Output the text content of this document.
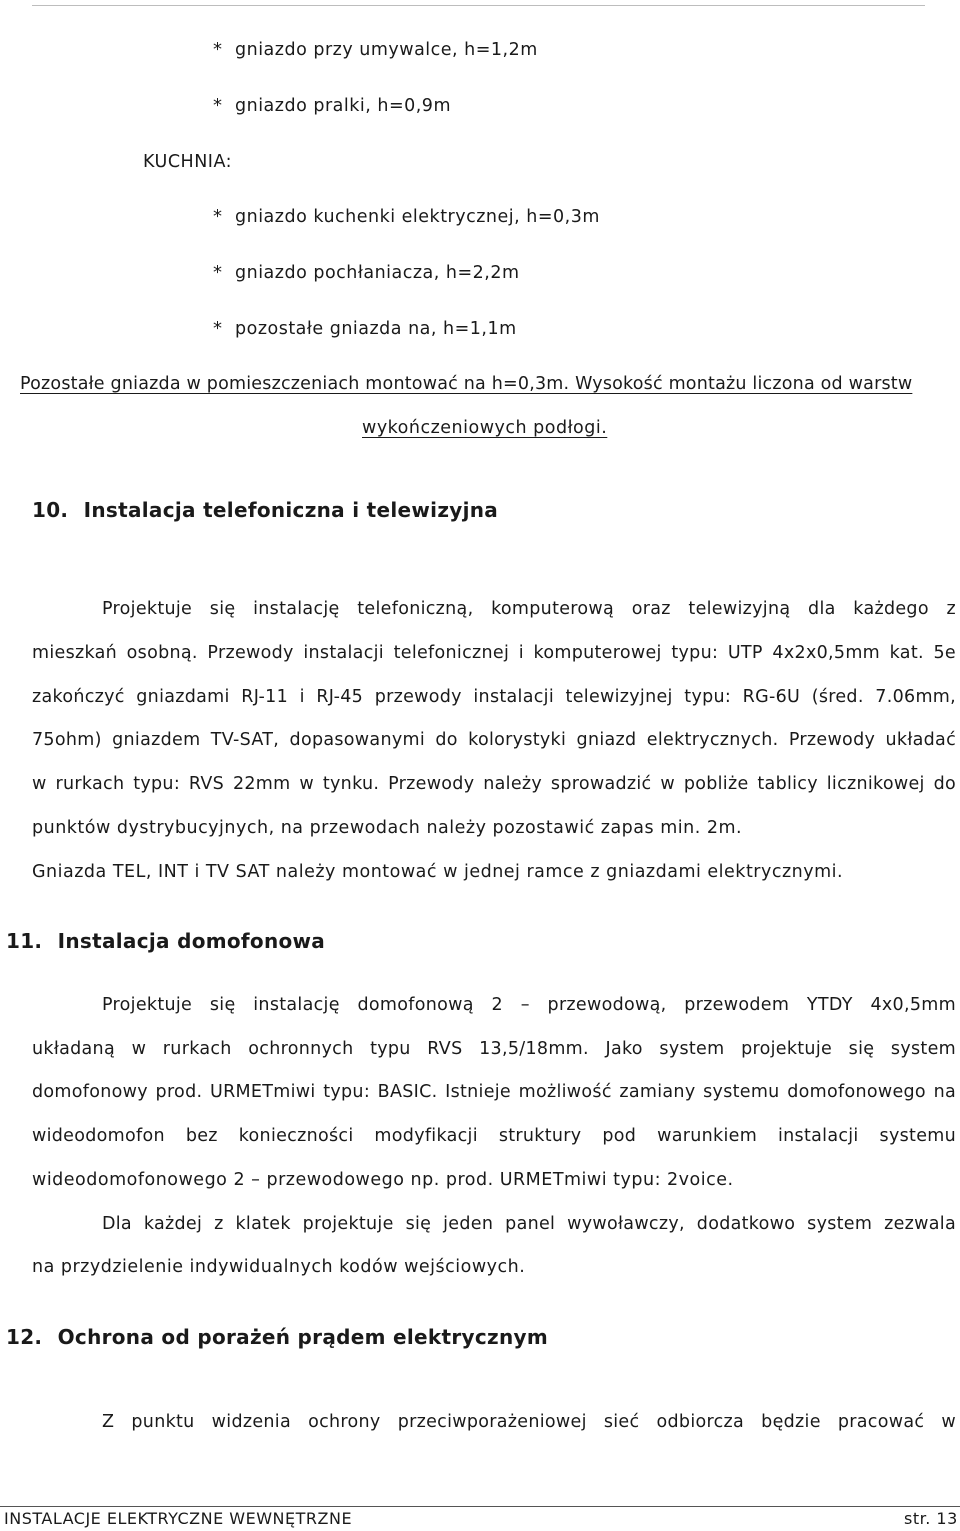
* gniazdo przy umywalce, h=1,2m
* gniazdo pralki, h=0,9m
KUCHNIA:
* gniazdo kuchenki elektrycznej, h=0,3m
* gniazdo pochłaniacza, h=2,2m
* pozostałe gniazda na, h=1,1m
Pozostałe gniazda w pomieszczeniach montować na h=0,3m. Wysokość montażu liczona od warstw
wykończeniowych podłogi.
10. Instalacja telefoniczna i telewizyjna
Projektuje się instalację telefoniczną, komputerową oraz telewizyjną dla każdego z
mieszkań osobną. Przewody instalacji telefonicznej i komputerowej typu: UTP 4x2x0,5mm kat. 5e
zakończyć gniazdami RJ-11 i RJ-45 przewody instalacji telewizyjnej typu: RG-6U (śred. 7.06mm,
75ohm) gniazdem TV-SAT, dopasowanymi do kolorystyki gniazd elektrycznych. Przewody układać
w rurkach typu: RVS 22mm w tynku. Przewody należy sprowadzić w pobliże tablicy licznikowej do
punktów dystrybucyjnych, na przewodach należy pozostawić zapas min. 2m.
Gniazda TEL, INT i TV SAT należy montować w jednej ramce z gniazdami elektrycznymi.
11. Instalacja domofonowa
Projektuje się instalację domofonową 2 – przewodową, przewodem YTDY 4x0,5mm
układaną w rurkach ochronnych typu RVS 13,5/18mm. Jako system projektuje się system
domofonowy prod. URMETmiwi typu: BASIC. Istnieje możliwość zamiany systemu domofonowego na
wideodomofon bez konieczności modyfikacji struktury pod warunkiem instalacji systemu
wideodomofonowego 2 – przewodowego np. prod. URMETmiwi typu: 2voice.
Dla każdej z klatek projektuje się jeden panel wywoławczy, dodatkowo system zezwala
na przydzielenie indywidualnych kodów wejściowych.
12. Ochrona od porażeń prądem elektrycznym
Z punktu widzenia ochrony przeciwporażeniowej sieć odbiorcza będzie pracować w
INSTALACJE ELEKTRYCZNE WEWNĘTRZNE	str. 13
